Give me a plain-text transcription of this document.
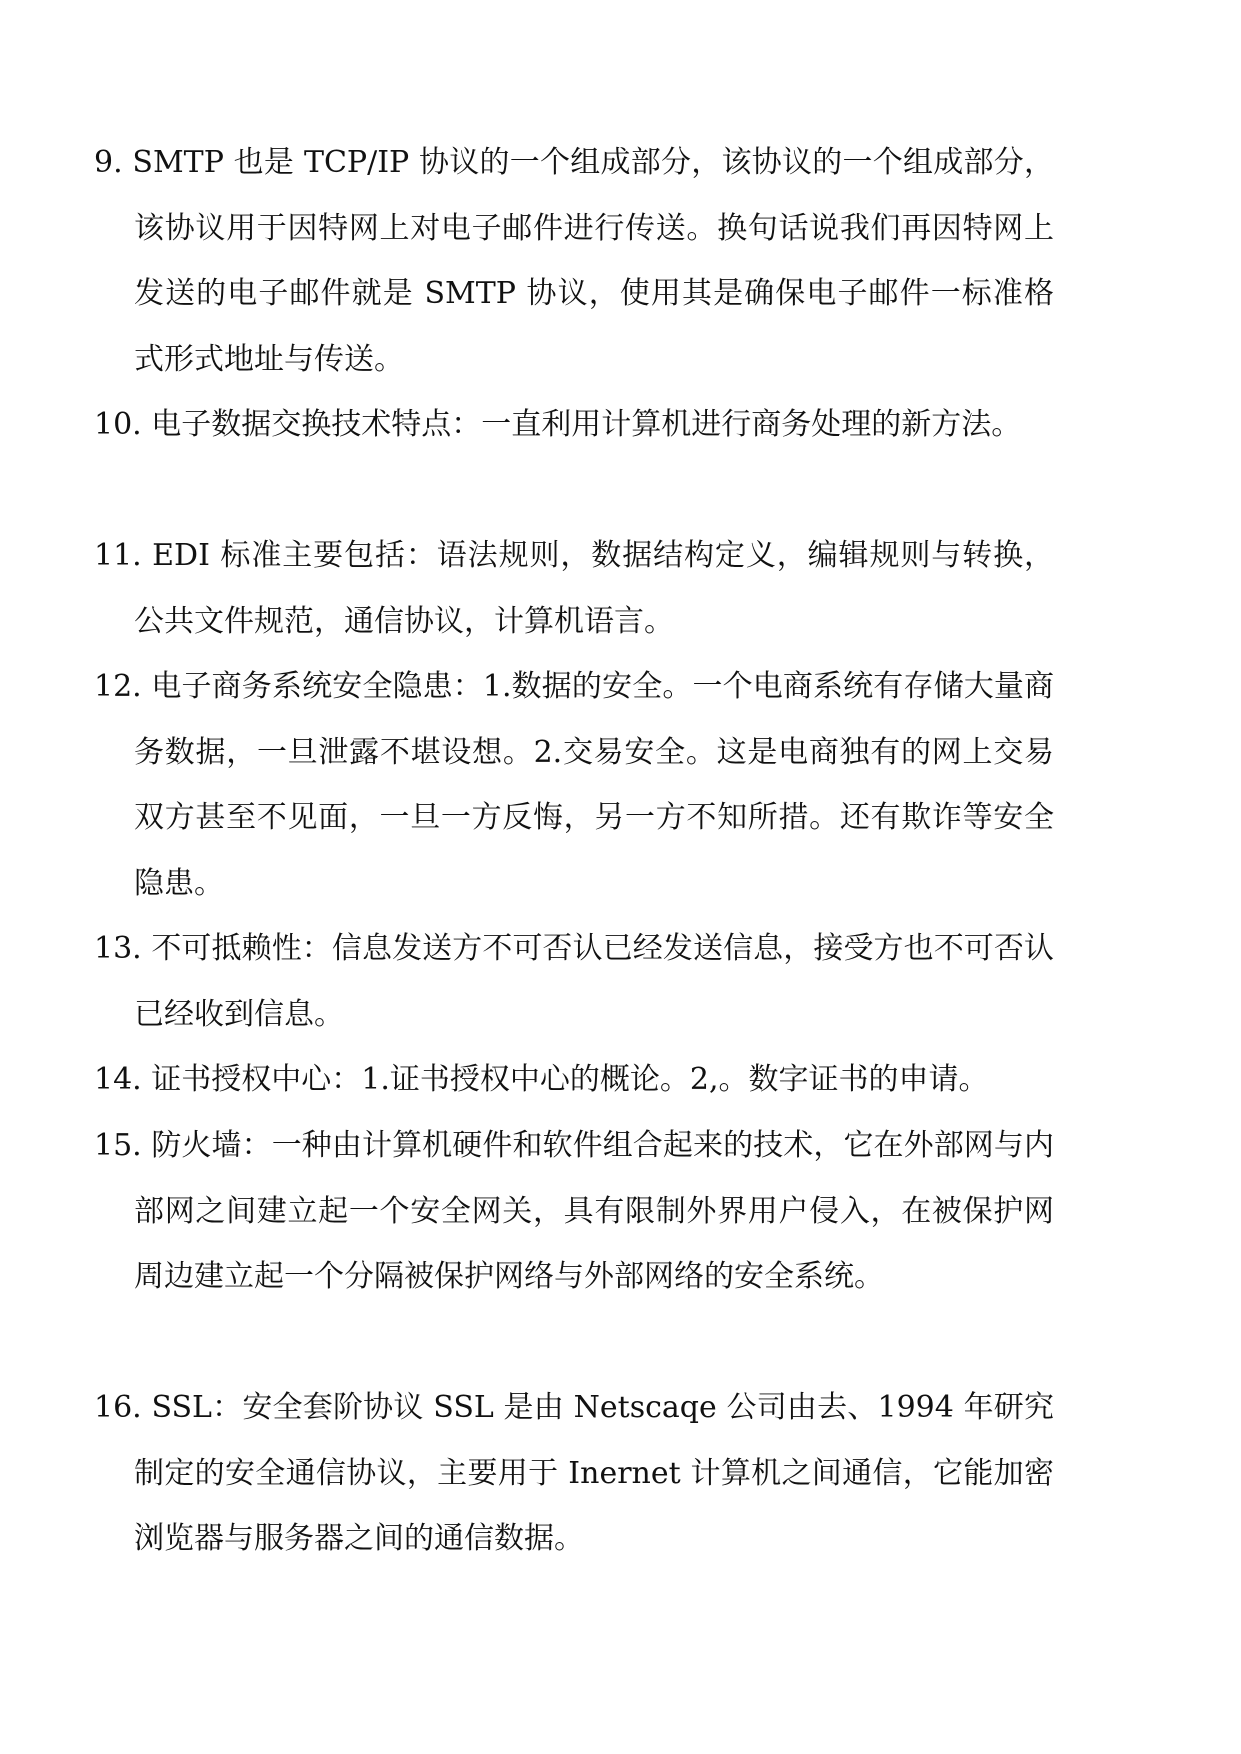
9. SMTP 也是 TCP/IP 协议的一个组成部分，该协议的一个组成部分，该协议用于因特网上对电子邮件进行传送。换句话说我们再因特网上发送的电子邮件就是 SMTP 协议，使用其是确保电子邮件一标准格式形式地址与传送。

10. 电子数据交换技术特点：一直利用计算机进行商务处理的新方法。

11. EDI 标准主要包括：语法规则，数据结构定义，编辑规则与转换，公共文件规范，通信协议，计算机语言。

12. 电子商务系统安全隐患：1.数据的安全。一个电商系统有存储大量商务数据，一旦泄露不堪设想。2.交易安全。这是电商独有的网上交易双方甚至不见面，一旦一方反悔，另一方不知所措。还有欺诈等安全隐患。

13. 不可抵赖性：信息发送方不可否认已经发送信息，接受方也不可否认已经收到信息。

14. 证书授权中心：1.证书授权中心的概论。2,。数字证书的申请。

15. 防火墙：一种由计算机硬件和软件组合起来的技术，它在外部网与内部网之间建立起一个安全网关，具有限制外界用户侵入，在被保护网周边建立起一个分隔被保护网络与外部网络的安全系统。

16. SSL：安全套阶协议 SSL 是由 Netscaqe 公司由去、1994 年研究制定的安全通信协议，主要用于 Inernet 计算机之间通信，它能加密浏览器与服务器之间的通信数据。
